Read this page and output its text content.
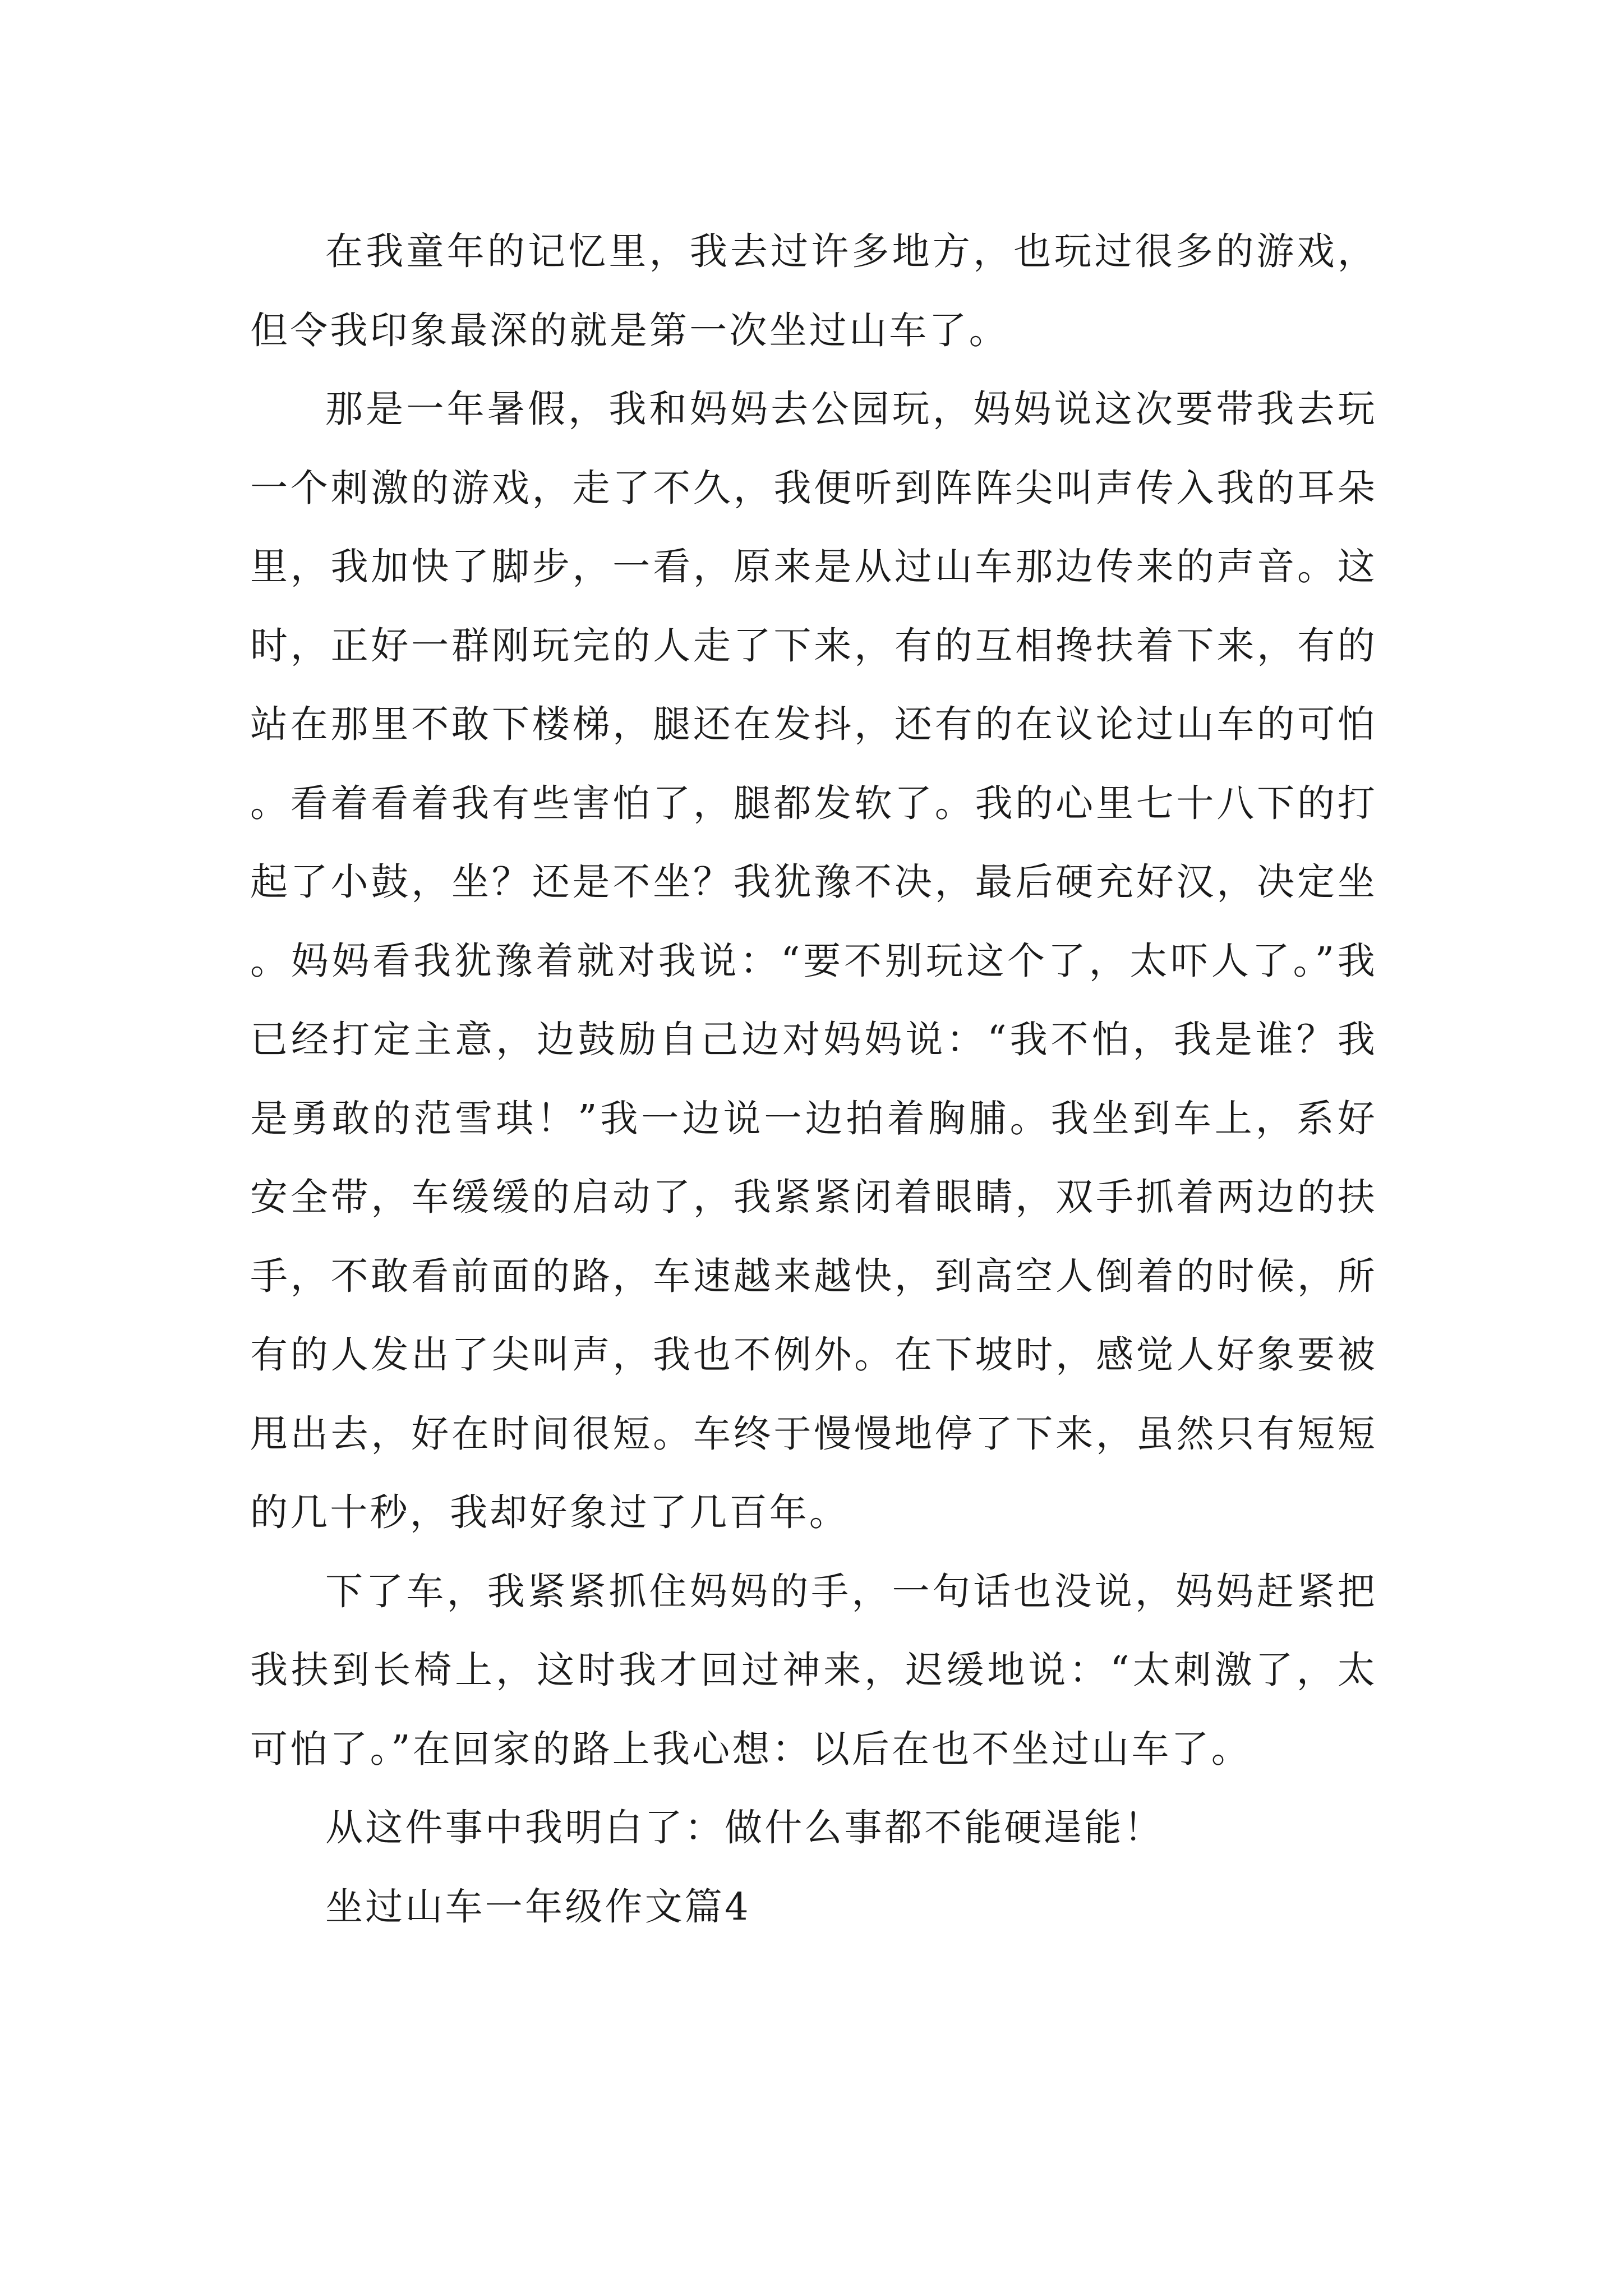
在我童年的记忆里，我去过许多地方，也玩过很多的游戏，但令我印象最深的就是第一次坐过山车了。

那是一年暑假，我和妈妈去公园玩，妈妈说这次要带我去玩一个刺激的游戏，走了不久，我便听到阵阵尖叫声传入我的耳朵里，我加快了脚步，一看，原来是从过山车那边传来的声音。这时，正好一群刚玩完的人走了下来，有的互相搀扶着下来，有的站在那里不敢下楼梯，腿还在发抖，还有的在议论过山车的可怕。看着看着我有些害怕了，腿都发软了。我的心里七十八下的打起了小鼓，坐？还是不坐？我犹豫不决，最后硬充好汉，决定坐。妈妈看我犹豫着就对我说：“要不别玩这个了，太吓人了。”我已经打定主意，边鼓励自己边对妈妈说：“我不怕，我是谁？我是勇敢的范雪琪！”我一边说一边拍着胸脯。我坐到车上，系好安全带，车缓缓的启动了，我紧紧闭着眼睛，双手抓着两边的扶手，不敢看前面的路，车速越来越快，到高空人倒着的时候，所有的人发出了尖叫声，我也不例外。在下坡时，感觉人好象要被甩出去，好在时间很短。车终于慢慢地停了下来，虽然只有短短的几十秒，我却好象过了几百年。

下了车，我紧紧抓住妈妈的手，一句话也没说，妈妈赶紧把我扶到长椅上，这时我才回过神来，迟缓地说：“太刺激了，太可怕了。”在回家的路上我心想：以后在也不坐过山车了。

从这件事中我明白了：做什么事都不能硬逞能！

坐过山车一年级作文篇4
